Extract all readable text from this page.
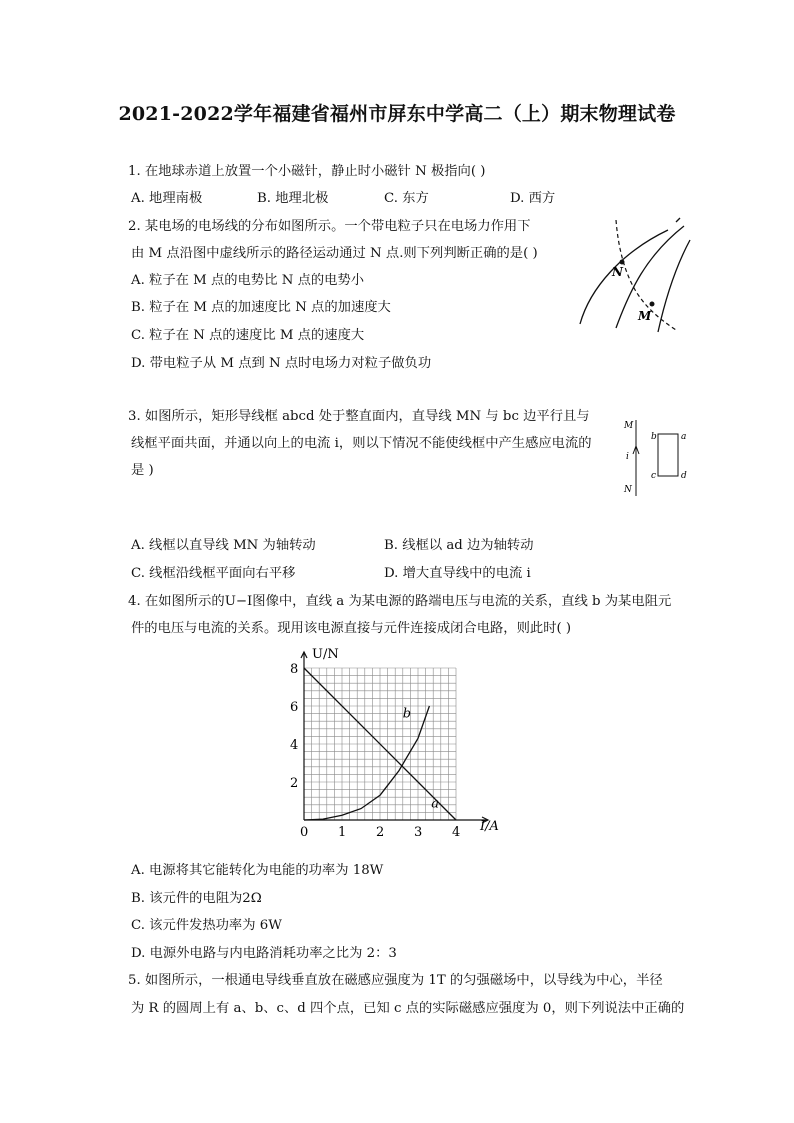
2021-2022学年福建省福州市屏东中学高二（上）期末物理试卷
1. 在地球赤道上放置一个小磁针，静止时小磁针 N 极指向( )
A. 地理南极	B. 地理北极	C. 东方	D. 西方
2. 某电场的电场线的分布如图所示。一个带电粒子只在电场力作用下
由 M 点沿图中虚线所示的路径运动通过 N 点.则下列判断正确的是( )
A. 粒子在 M 点的电势比 N 点的电势小
B. 粒子在 M 点的加速度比 N 点的加速度大
C. 粒子在 N 点的速度比 M 点的速度大
D. 带电粒子从 M 点到 N 点时电场力对粒子做负功
N
M
3. 如图所示，矩形导线框 abcd 处于整直面内，直导线 MN 与 bc 边平行且与
线框平面共面，并通以向上的电流 i，则以下情况不能使线框中产生感应电流的
是 )
A. 线框以直导线 MN 为轴转动	B. 线框以 ad 边为轴转动
C. 线框沿线框平面向右平移	D. 增大直导线中的电流 i
M
i
N
b	a
c	d
4. 在如图所示的U−I图像中，直线 a 为某电源的路端电压与电流的关系，直线 b 为某电阻元
件的电压与电流的关系。现用该电源直接与元件连接成闭合电路，则此时( )
0 1 2 3 4
2
4
6
8
a
b
U/N
I/A
A. 电源将其它能转化为电能的功率为 18W
B. 该元件的电阻为2Ω
C. 该元件发热功率为 6W
D. 电源外电路与内电路消耗功率之比为 2：3
5. 如图所示，一根通电导线垂直放在磁感应强度为 1T 的匀强磁场中，以导线为中心，半径
为 R 的圆周上有 a、b、c、d 四个点，已知 c 点的实际磁感应强度为 0，则下列说法中正确的
